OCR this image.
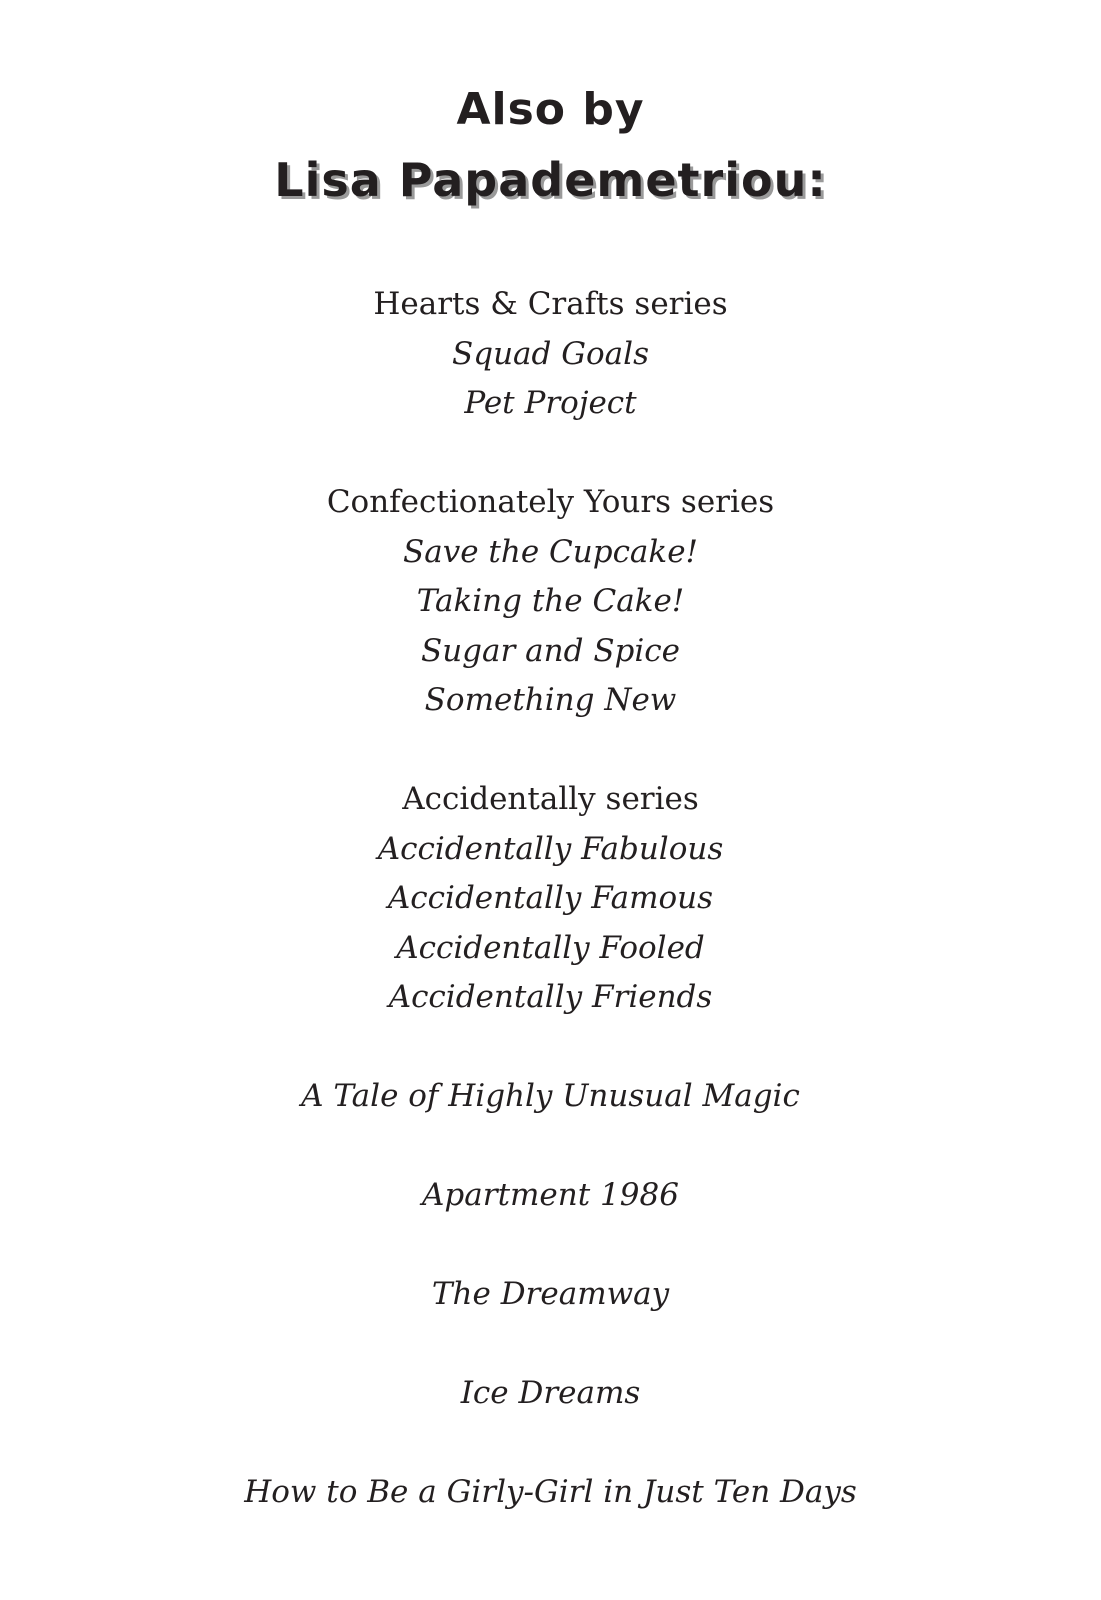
Also by
Lisa Papademetriou:
Hearts & Crafts series
Squad Goals
Pet Project
Confectionately Yours series
Save the Cupcake!
Taking the Cake!
Sugar and Spice
Something New
Accidentally series
Accidentally Fabulous
Accidentally Famous
Accidentally Fooled
Accidentally Friends
A Tale of Highly Unusual Magic
Apartment 1986
The Dreamway
Ice Dreams
How to Be a Girly-Girl in Just Ten Days
